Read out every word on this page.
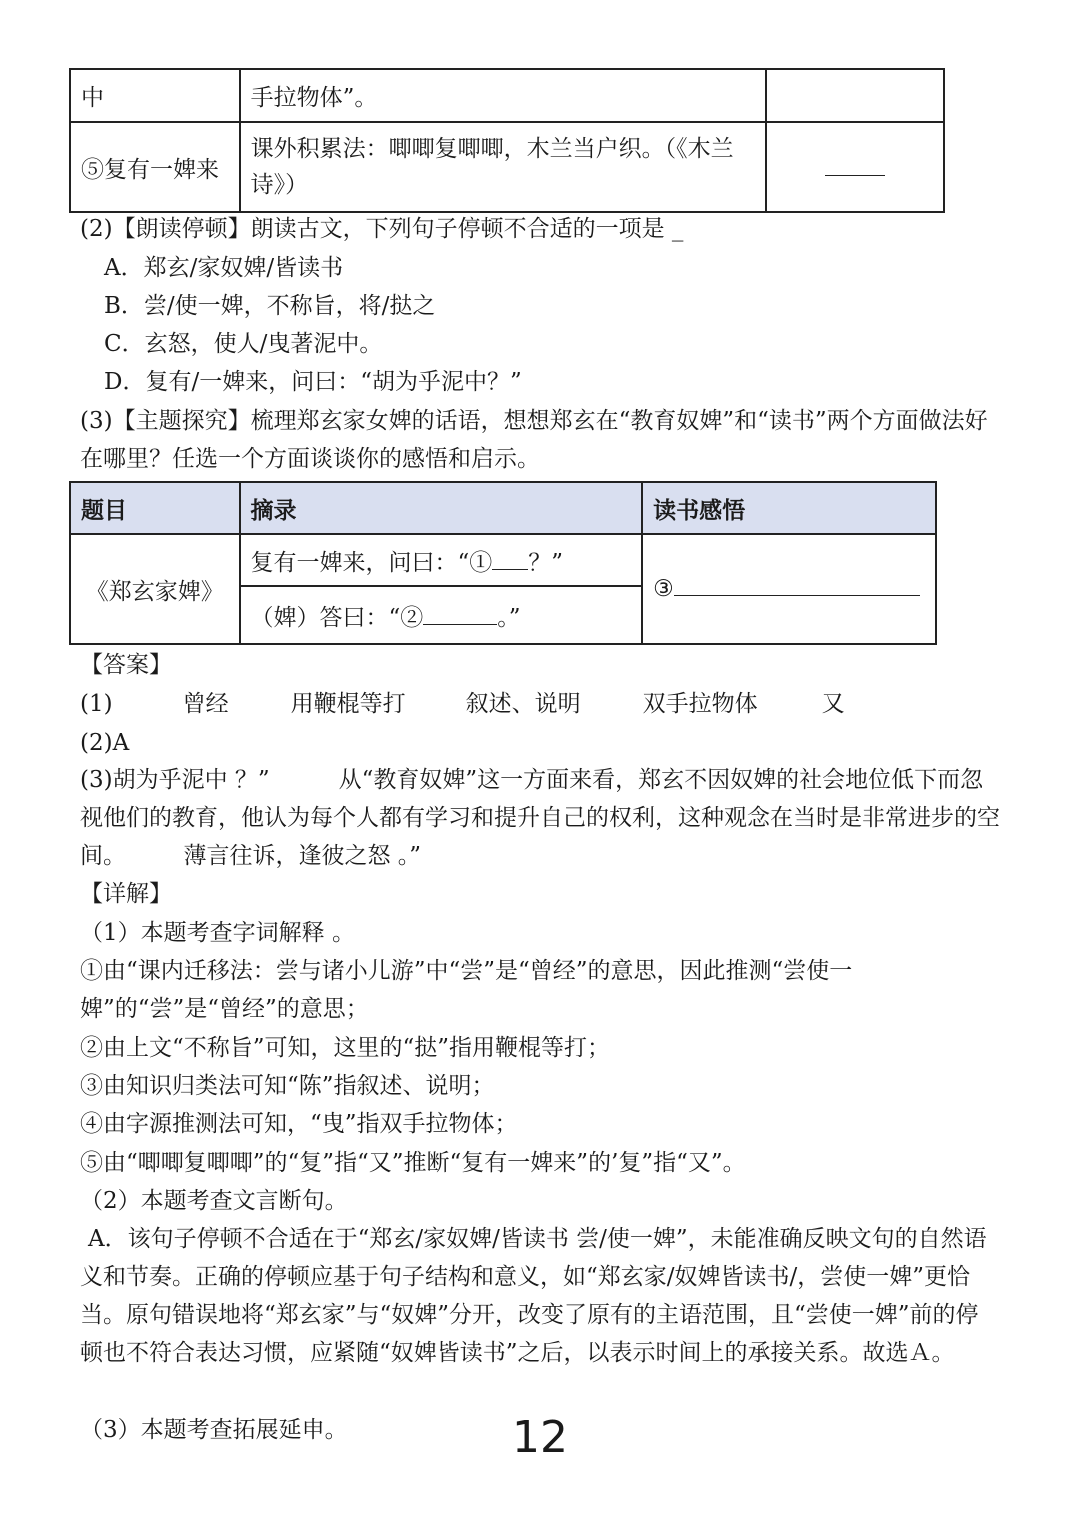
中	手拉物体”。	
⑤复有一婢来	课外积累法：唧唧复唧唧，木兰当户织。（《木兰诗》）	
(2)【朗读停顿】朗读古文，下列句子停顿不合适的一项是 _
A．郑玄/家奴婢/皆读书
B．尝/使一婢，不称旨，将/挞之
C．玄怒，使人/曳著泥中。
D．复有/一婢来，问曰：“胡为乎泥中？”
(3)【主题探究】梳理郑玄家女婢的话语，想想郑玄在“教育奴婢”和“读书”两个方面做法好在哪里？任选一个方面谈谈你的感悟和启示。
题目	摘录	读书感悟
《郑玄家婢》	复有一婢来，问曰：“① ？”	③
	（婢）答曰：“② 。”	
【答案】
(1)	曾经	用鞭棍等打	叙述、说明	双手拉物体	又
(2)A
(3)胡为乎泥中 ？”　　　从“教育奴婢”这一方面来看，郑玄不因奴婢的社会地位低下而忽视他们的教育，他认为每个人都有学习和提升自己的权利，这种观念在当时是非常进步的空间。　　　薄言往诉，逢彼之怒 。”
【详解】
（1）本题考查字词解释 。
①由“课内迁移法：尝与诸小儿游”中“尝”是“曾经”的意思，因此推测“尝使一婢”的“尝”是“曾经”的意思；
②由上文“不称旨”可知，这里的“挞”指用鞭棍等打；
③由知识归类法可知“陈”指叙述、说明；
④由字源推测法可知，“曳”指双手拉物体；
⑤由“唧唧复唧唧”的“复”指“又”推断“复有一婢来”的’复”指“又”。
（2）本题考查文言断句。
A．该句子停顿不合适在于“郑玄/家奴婢/皆读书 尝/使一婢”，未能准确反映文句的自然语义和节奏。正确的停顿应基于句子结构和意义，如“郑玄家/奴婢皆读书/，尝使一婢”更恰当。原句错误地将“郑玄家”与“奴婢”分开，改变了原有的主语范围，且“尝使一婢”前的停顿也不符合表达习惯，应紧随“奴婢皆读书”之后，以表示时间上的承接关系。故选Ａ。
（3）本题考查拓展延申。	12
